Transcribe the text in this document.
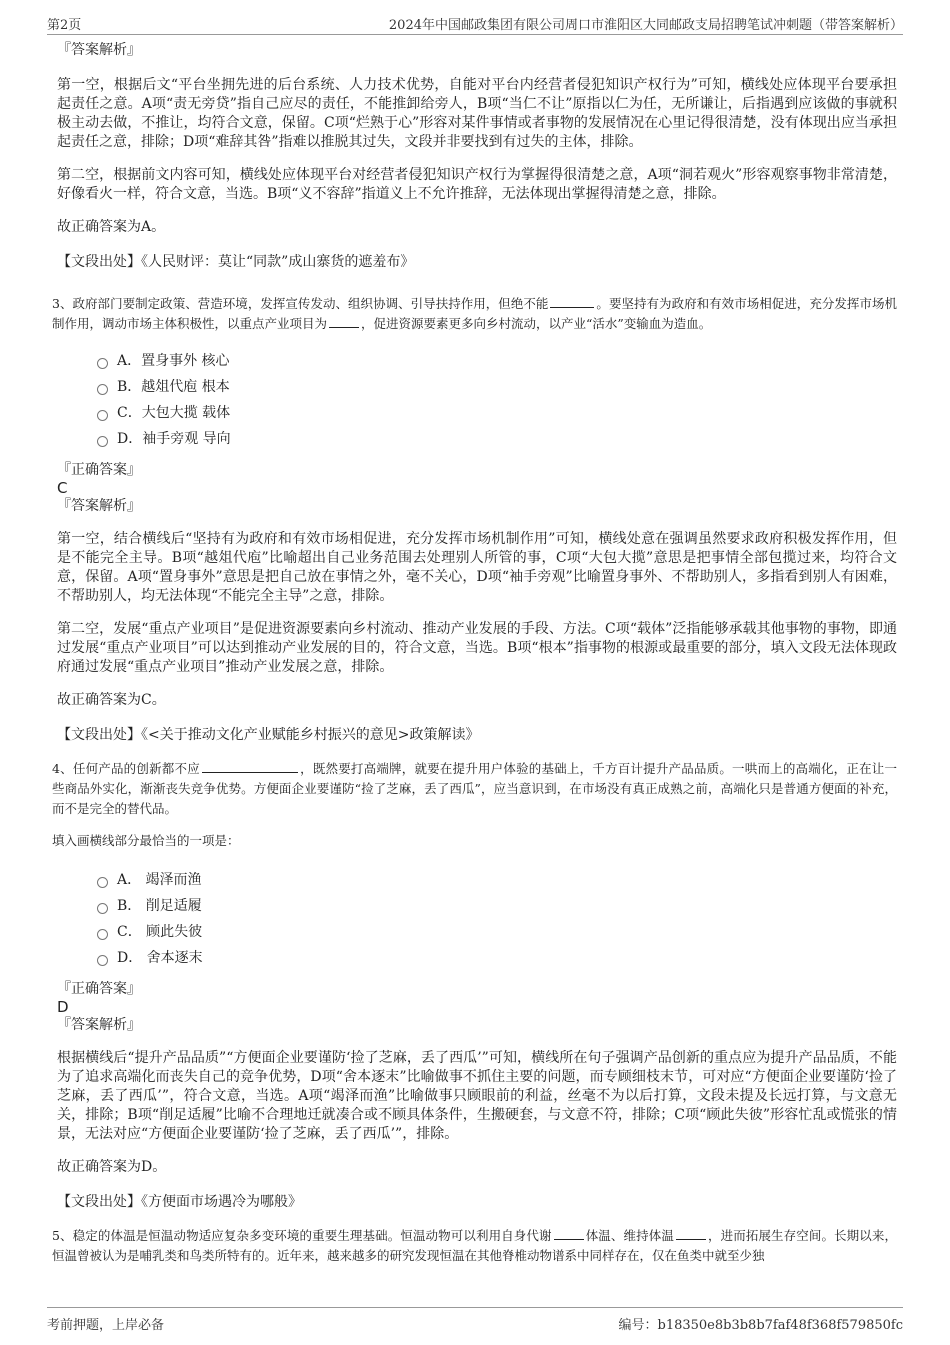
第2页	2024年中国邮政集团有限公司周口市淮阳区大同邮政支局招聘笔试冲刺题（带答案解析）
『答案解析』

第一空，根据后文“平台坐拥先进的后台系统、人力技术优势，自能对平台内经营者侵犯知识产权行为”可知，横线处应体现平台要承担起责任之意。A项“责无旁贷”指自己应尽的责任，不能推卸给旁人，B项“当仁不让”原指以仁为任，无所谦让，后指遇到应该做的事就积极主动去做，不推让，均符合文意，保留。C项“烂熟于心”形容对某件事情或者事物的发展情况在心里记得很清楚，没有体现出应当承担起责任之意，排除；D项“难辞其咎”指难以推脱其过失，文段并非要找到有过失的主体，排除。

第二空，根据前文内容可知，横线处应体现平台对经营者侵犯知识产权行为掌握得很清楚之意，A项“洞若观火”形容观察事物非常清楚，好像看火一样，符合文意，当选。B项“义不容辞”指道义上不允许推辞，无法体现出掌握得清楚之意，排除。

故正确答案为A。

【文段出处】《人民财评：莫让“同款”成山寨货的遮羞布》

3、政府部门要制定政策、营造环境，发挥宣传发动、组织协调、引导扶持作用，但绝不能	。要坚持有为政府和有效市场相促进，充分发挥市场机制作用，调动市场主体积极性，以重点产业项目为	，促进资源要素更多向乡村流动，以产业“活水”变输血为造血。

A．置身事外 核心
B．越俎代庖 根本
C．大包大揽 载体
D．袖手旁观 导向
『正确答案』
C
『答案解析』

第一空，结合横线后“坚持有为政府和有效市场相促进，充分发挥市场机制作用”可知，横线处意在强调虽然要求政府积极发挥作用，但是不能完全主导。B项“越俎代庖”比喻超出自己业务范围去处理别人所管的事，C项“大包大揽”意思是把事情全部包揽过来，均符合文意，保留。A项“置身事外”意思是把自己放在事情之外，毫不关心，D项“袖手旁观”比喻置身事外、不帮助别人，多指看到别人有困难，不帮助别人，均无法体现“不能完全主导”之意，排除。

第二空，发展“重点产业项目”是促进资源要素向乡村流动、推动产业发展的手段、方法。C项“载体”泛指能够承载其他事物的事物，即通过发展“重点产业项目”可以达到推动产业发展的目的，符合文意，当选。B项“根本”指事物的根源或最重要的部分，填入文段无法体现政府通过发展“重点产业项目”推动产业发展之意，排除。

故正确答案为C。

【文段出处】《<关于推动文化产业赋能乡村振兴的意见>政策解读》

4、任何产品的创新都不应	，既然要打高端牌，就要在提升用户体验的基础上，千方百计提升产品品质。一哄而上的高端化，正在让一些商品外实化，渐渐丧失竞争优势。方便面企业要谨防“捡了芝麻，丢了西瓜”，应当意识到，在市场没有真正成熟之前，高端化只是普通方便面的补充，而不是完全的替代品。

填入画横线部分最恰当的一项是：

A． 竭泽而渔
B． 削足适履
C． 顾此失彼
D． 舍本逐末
『正确答案』
D
『答案解析』

根据横线后“提升产品品质”“方便面企业要谨防‘捡了芝麻，丢了西瓜’”可知，横线所在句子强调产品创新的重点应为提升产品品质，不能为了追求高端化而丧失自己的竞争优势，D项“舍本逐末”比喻做事不抓住主要的问题，而专顾细枝末节，可对应“方便面企业要谨防‘捡了芝麻，丢了西瓜’”，符合文意，当选。A项“竭泽而渔”比喻做事只顾眼前的利益，丝毫不为以后打算，文段未提及长远打算，与文意无关，排除；B项“削足适履”比喻不合理地迁就凑合或不顾具体条件，生搬硬套，与文意不符，排除；C项“顾此失彼”形容忙乱或慌张的情景，无法对应“方便面企业要谨防‘捡了芝麻，丢了西瓜’”，排除。

故正确答案为D。

【文段出处】《方便面市场遇冷为哪般》

5、稳定的体温是恒温动物适应复杂多变环境的重要生理基础。恒温动物可以利用自身代谢	体温、维持体温	，进而拓展生存空间。长期以来，恒温曾被认为是哺乳类和鸟类所特有的。近年来，越来越多的研究发现恒温在其他脊椎动物谱系中同样存在，仅在鱼类中就至少独

考前押题，上岸必备	编号：b18350e8b3b8b7faf48f368f579850fc
